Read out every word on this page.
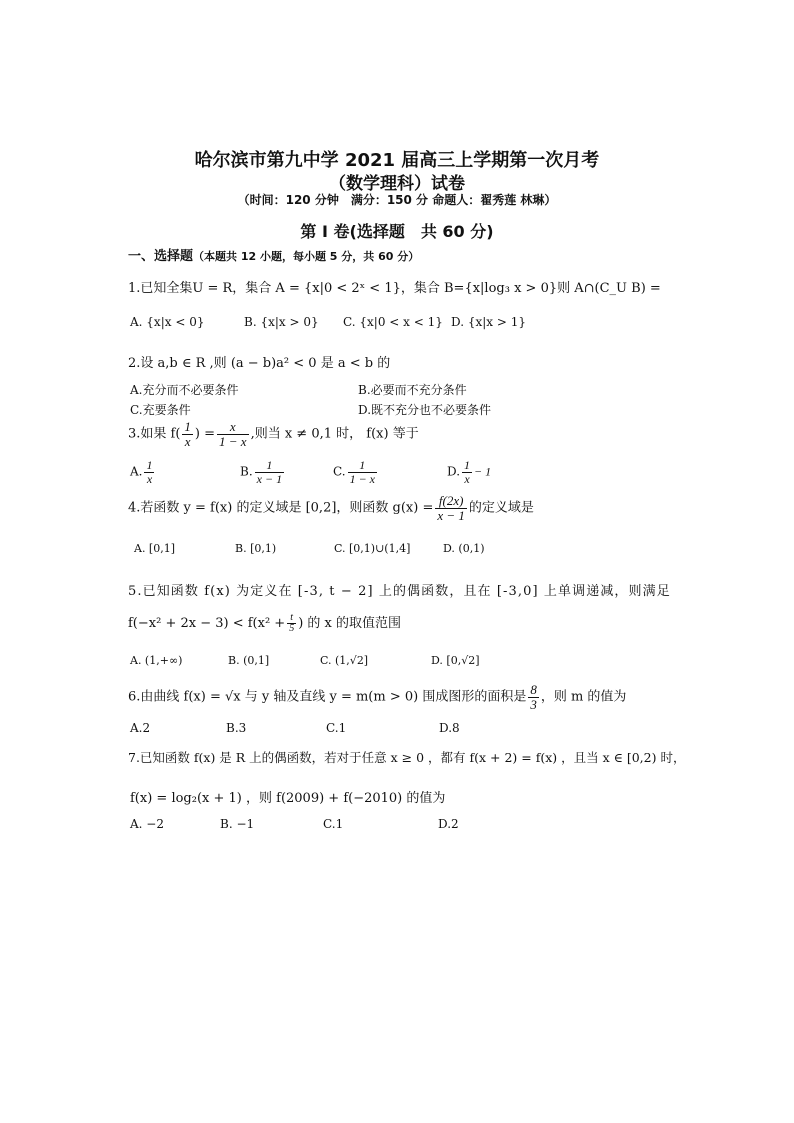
哈尔滨市第九中学 2021 届高三上学期第一次月考
（数学理科）试卷
（时间：120 分钟　满分：150 分 命题人：翟秀莲 林琳）
第 I 卷(选择题　共 60 分)
一、选择题（本题共 12 小题，每小题 5 分，共 60 分）
1.已知全集U = R，集合 A = {x|0 < 2ˣ < 1}，集合 B={x|log₃ x > 0}则 A∩(C_U B) =
A. {x|x < 0}	B. {x|x > 0} C. {x|0 < x < 1} D. {x|x > 1}
2.设 a,b ∈ R ,则 (a − b)a² < 0 是 a < b 的
A.充分而不必要条件	B.必要而不充分条件
C.充要条件	D.既不充分也不必要条件
3.如果 $f( \frac{1}{x}$ ) = $\frac{x}{1 - x}$ ,则当 x ≠ 0,1 时， f(x) 等于
A. $\frac{1}{x}$	B. $\frac{1}{x - 1}$	C. $\frac{1}{1 - x}$	D. $\frac{1}{x} - 1$
4.若函数 y = f(x) 的定义域是 [0,2]，则函数 $g(x) = \frac{f(2x)}{x - 1}$ 的定义域是
A. [0,1]	B. [0,1)	C. [0,1)∪(1,4]	D. (0,1)
5.已知函数 f(x) 为定义在 [-3, t − 2] 上的偶函数，且在 [-3,0] 上单调递减，则满足
$f(-x^2 + 2x - 3) < f(x^2 + \frac{t}{5}$ ) 的 x 的取值范围
A. (1,+∞)	B. (0,1]	C. (1,√2]	D. [0,√2]
6.由曲线 f(x) = √x 与 y 轴及直线 y = m(m > 0) 围成图形的面积是 $\frac{8}{3}$ ，则 m 的值为
A.2	B.3	C.1	D.8
7.已知函数 f(x) 是 R 上的偶函数，若对于任意 x ≥ 0 ，都有 f(x + 2) = f(x) ，且当 x ∈ [0,2) 时，
f(x) = log₂(x + 1) ，则 f(2009) + f(−2010) 的值为
A. −2	B. −1	C.1	D.2
